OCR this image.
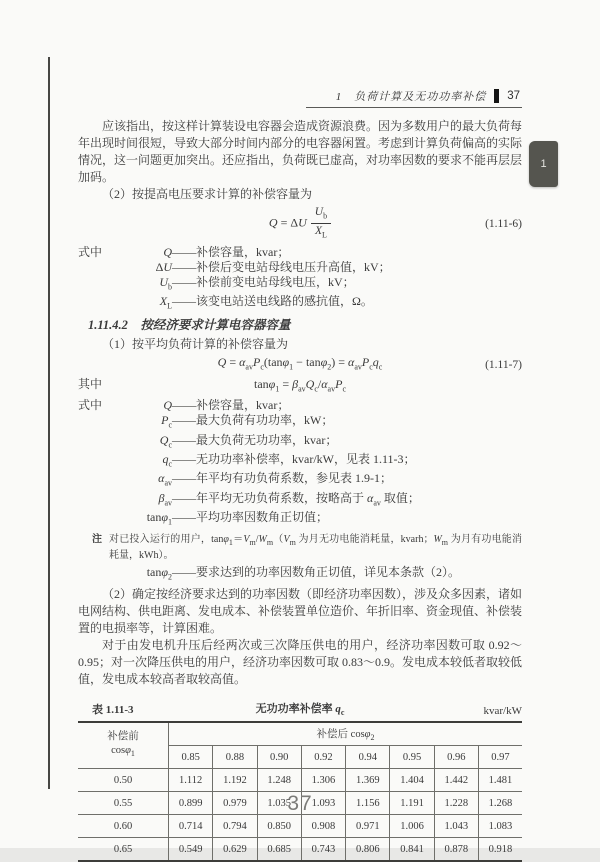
1
1　负荷计算及无功功率补偿 37

应该指出，按这样计算装设电容器会造成资源浪费。因为多数用户的最大负荷每年出现时间很短，导致大部分时间内部分的电容器闲置。考虑到计算负荷偏高的实际情况，这一问题更加突出。还应指出，负荷既已虚高，对功率因数的要求不能再层层加码。

（2）按提高电压要求计算的补偿容量为

Q = ΔU $\frac{U_b}{X_L}$	(1.11-6)
式中	Q ——补偿容量，kvar；
ΔU ——补偿后变电站母线电压升高值，kV；
$U_b$ ——补偿前变电站母线电压，kV；
$X_L$ ——该变电站送电线路的感抗值，Ω。
1.11.4.2　按经济要求计算电容器容量

（1）按平均负荷计算的补偿容量为

$Q = \alpha_{av}P_c(\tan\varphi_1 - \tan\varphi_2) = \alpha_{av}P_cq_c$	(1.11-7)
其中	$\tan\varphi_1 = \beta_{av}Q_c/\alpha_{av}P_c$
式中	Q ——补偿容量，kvar；
$P_c$ ——最大负荷有功功率，kW；
$Q_c$ ——最大负荷无功功率，kvar；
$q_c$ ——无功功率补偿率，kvar/kW，见表 1.11-3；
$\alpha_{av}$ ——年平均有功负荷系数，参见表 1.9-1；
$\beta_{av}$ ——年平均无功负荷系数，按略高于 $\alpha_{av}$ 取值；
tanφ$_1$ ——平均功率因数角正切值；
注 对已投入运行的用户，$\tan\varphi_1=V_m/W_m(V_m$ 为月无功电能消耗量，kvarh；$W_m$ 为月有功电能消耗量，kWh）。
tanφ$_2$ ——要求达到的功率因数角正切值，详见本条款（2）。

（2）确定按经济要求达到的功率因数（即经济功率因数），涉及众多因素，诸如电网结构、供电距离、发电成本、补偿装置单位造价、年折旧率、资金现值、补偿装置的电损率等，计算困难。

对于由发电机升压后经两次或三次降压供电的用户，经济功率因数可取 0.92～0.95；对一次降压供电的用户，经济功率因数可取 0.83～0.9。发电成本较低者取较低值，发电成本较高者取较高值。

表 1.11-3	无功功率补偿率 $q_c$	kvar/kW
补偿前
cosφ$_1$	补偿后 cosφ$_2$
	0.85	0.88	0.90	0.92	0.94	0.95	0.96	0.97
0.50	1.112	1.192	1.248	1.306	1.369	1.404	1.442	1.481
0.55	0.899	0.979	1.035	1.093	1.156	1.191	1.228	1.268
0.60	0.714	0.794	0.850	0.908	0.971	1.006	1.043	1.083
0.65	0.549	0.629	0.685	0.743	0.806	0.841	0.878	0.918
37
